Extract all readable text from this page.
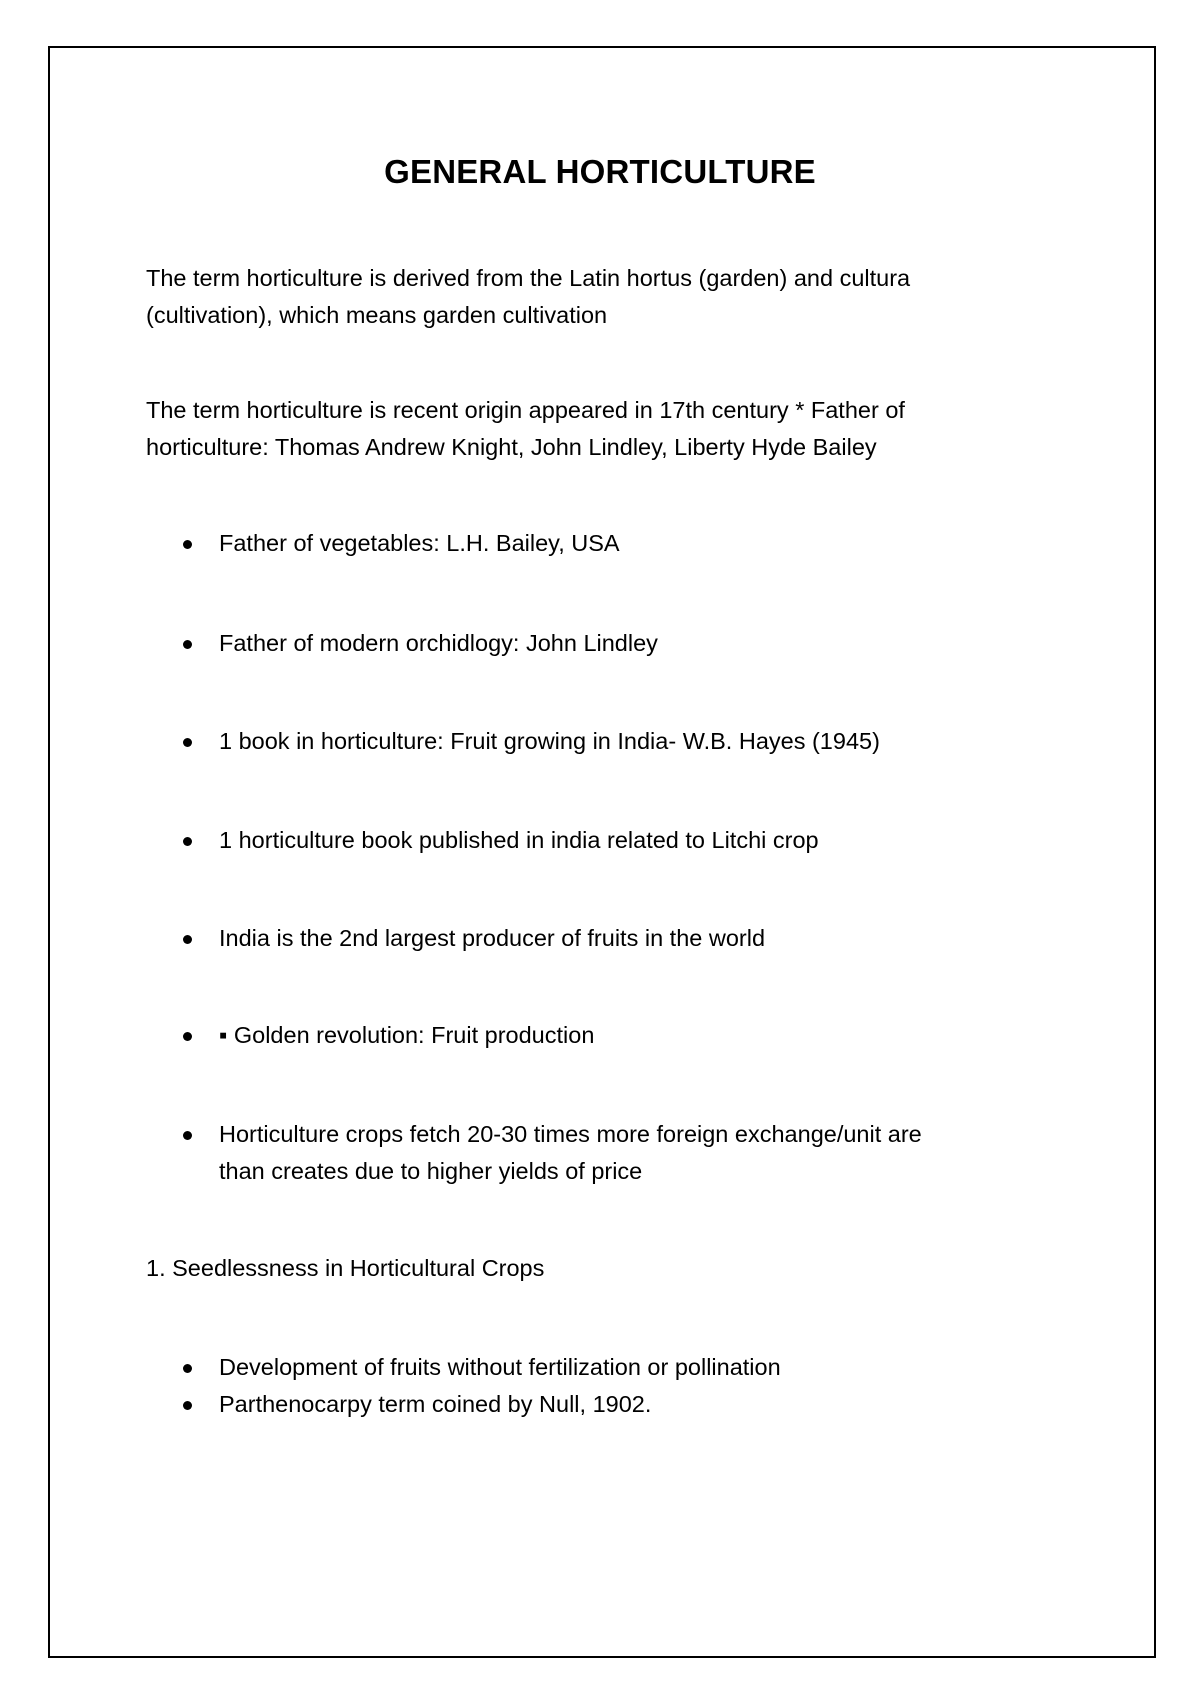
GENERAL HORTICULTURE
The term horticulture is derived from the Latin hortus (garden) and cultura
(cultivation), which means garden cultivation
The term horticulture is recent origin appeared in 17th century * Father of
horticulture: Thomas Andrew Knight, John Lindley, Liberty Hyde Bailey
Father of vegetables: L.H. Bailey, USA
Father of modern orchidlogy: John Lindley
1 book in horticulture: Fruit growing in India- W.B. Hayes (1945)
1 horticulture book published in india related to Litchi crop
India is the 2nd largest producer of fruits in the world
▪ Golden revolution: Fruit production
Horticulture crops fetch 20-30 times more foreign exchange/unit are
than creates due to higher yields of price
1. Seedlessness in Horticultural Crops
Development of fruits without fertilization or pollination
Parthenocarpy term coined by Null, 1902.
